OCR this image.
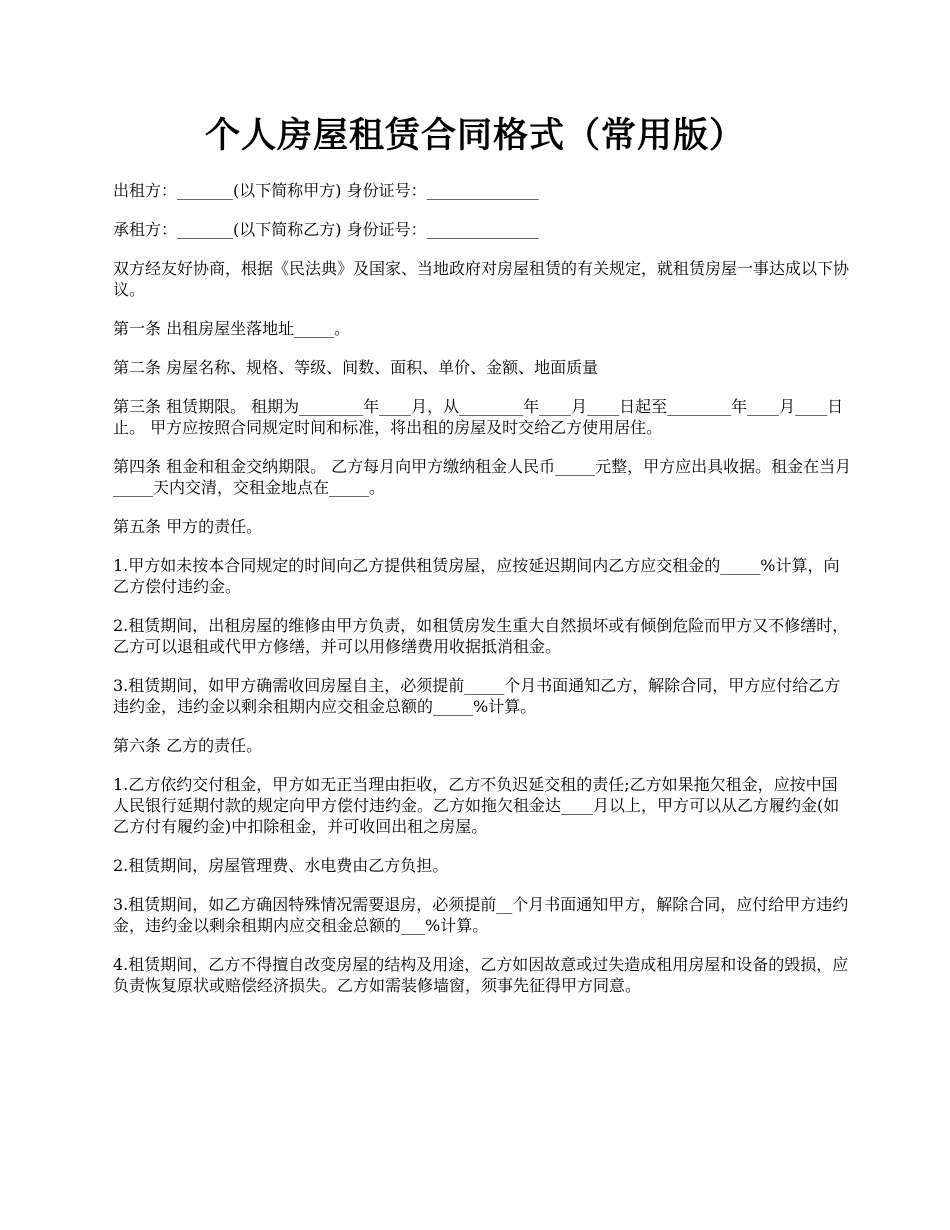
个人房屋租赁合同格式（常用版）

出租方：_______(以下简称甲方) 身份证号：______________

承租方：_______(以下简称乙方) 身份证号：______________

双方经友好协商，根据《民法典》及国家、当地政府对房屋租赁的有关规定，就租赁房屋一事达成以下协议。

第一条 出租房屋坐落地址_____。

第二条 房屋名称、规格、等级、间数、面积、单价、金额、地面质量

第三条 租赁期限。 租期为________年____月，从________年____月____日起至________年____月____日止。 甲方应按照合同规定时间和标准，将出租的房屋及时交给乙方使用居住。

第四条 租金和租金交纳期限。 乙方每月向甲方缴纳租金人民币_____元整，甲方应出具收据。租金在当月_____天内交清，交租金地点在_____。

第五条 甲方的责任。

1.甲方如未按本合同规定的时间向乙方提供租赁房屋，应按延迟期间内乙方应交租金的_____%计算，向乙方偿付违约金。

2.租赁期间，出租房屋的维修由甲方负责，如租赁房发生重大自然损坏或有倾倒危险而甲方又不修缮时，乙方可以退租或代甲方修缮，并可以用修缮费用收据抵消租金。

3.租赁期间，如甲方确需收回房屋自主，必须提前_____个月书面通知乙方，解除合同，甲方应付给乙方违约金，违约金以剩余租期内应交租金总额的_____%计算。

第六条 乙方的责任。

1.乙方依约交付租金，甲方如无正当理由拒收，乙方不负迟延交租的责任;乙方如果拖欠租金，应按中国人民银行延期付款的规定向甲方偿付违约金。乙方如拖欠租金达____月以上，甲方可以从乙方履约金(如乙方付有履约金)中扣除租金，并可收回出租之房屋。

2.租赁期间，房屋管理费、水电费由乙方负担。

3.租赁期间，如乙方确因特殊情况需要退房，必须提前__个月书面通知甲方，解除合同，应付给甲方违约金，违约金以剩余租期内应交租金总额的___%计算。

4.租赁期间，乙方不得擅自改变房屋的结构及用途，乙方如因故意或过失造成租用房屋和设备的毁损，应负责恢复原状或赔偿经济损失。乙方如需装修墙窗，须事先征得甲方同意。
